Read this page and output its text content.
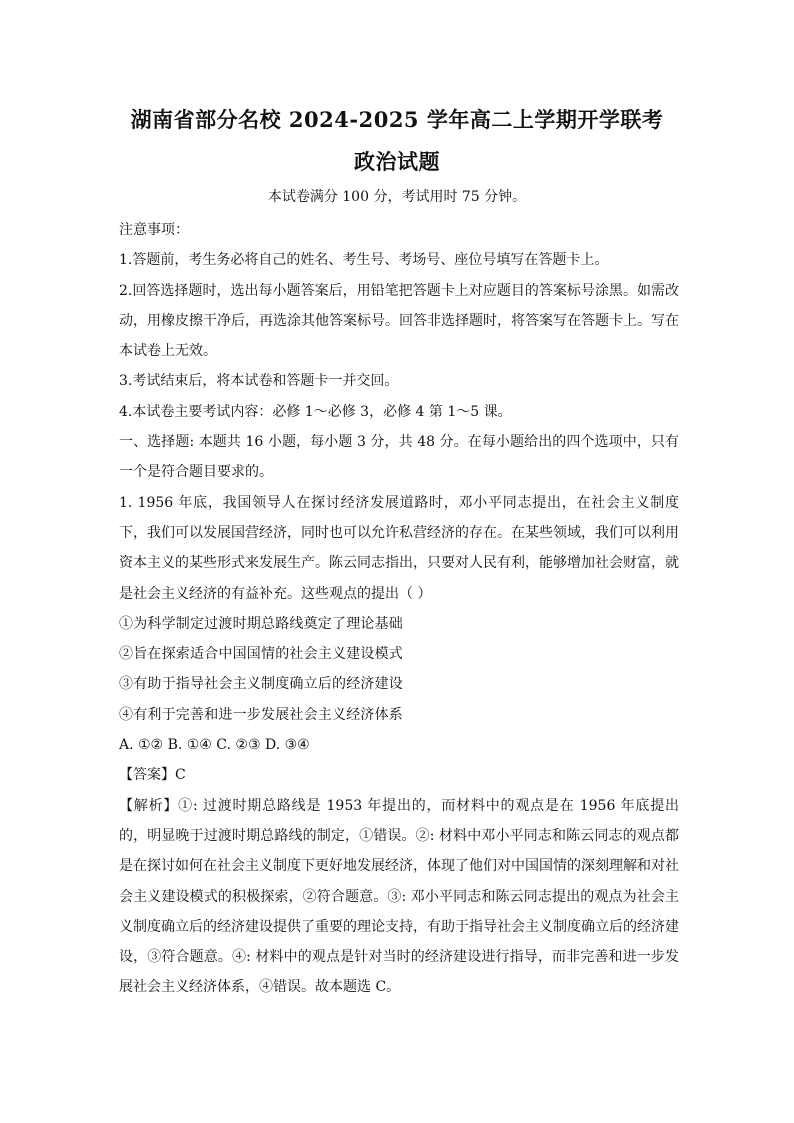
湖南省部分名校 2024-2025 学年高二上学期开学联考
政治试题

本试卷满分 100 分，考试用时 75 分钟。

注意事项：

1.答题前，考生务必将自己的姓名、考生号、考场号、座位号填写在答题卡上。

2.回答选择题时，选出每小题答案后，用铅笔把答题卡上对应题目的答案标号涂黑。如需改动，用橡皮擦干净后，再选涂其他答案标号。回答非选择题时，将答案写在答题卡上。写在本试卷上无效。

3.考试结束后，将本试卷和答题卡一并交回。

4.本试卷主要考试内容：必修 1～必修 3，必修 4 第 1～5 课。

一、选择题: 本题共 16 小题，每小题 3 分，共 48 分。在每小题给出的四个选项中，只有一个是符合题目要求的。

1. 1956 年底，我国领导人在探讨经济发展道路时，邓小平同志提出，在社会主义制度下，我们可以发展国营经济，同时也可以允许私营经济的存在。在某些领域，我们可以利用资本主义的某些形式来发展生产。陈云同志指出，只要对人民有利，能够增加社会财富，就是社会主义经济的有益补充。这些观点的提出（ ）

①为科学制定过渡时期总路线奠定了理论基础

②旨在探索适合中国国情的社会主义建设模式

③有助于指导社会主义制度确立后的经济建设

④有利于完善和进一步发展社会主义经济体系

A. ①② B. ①④ C. ②③ D. ③④

【答案】C

【解析】①: 过渡时期总路线是 1953 年提出的，而材料中的观点是在 1956 年底提出的，明显晚于过渡时期总路线的制定，①错误。②: 材料中邓小平同志和陈云同志的观点都是在探讨如何在社会主义制度下更好地发展经济，体现了他们对中国国情的深刻理解和对社会主义建设模式的积极探索，②符合题意。③: 邓小平同志和陈云同志提出的观点为社会主义制度确立后的经济建设提供了重要的理论支持，有助于指导社会主义制度确立后的经济建设，③符合题意。④: 材料中的观点是针对当时的经济建设进行指导，而非完善和进一步发展社会主义经济体系，④错误。故本题选 C。
